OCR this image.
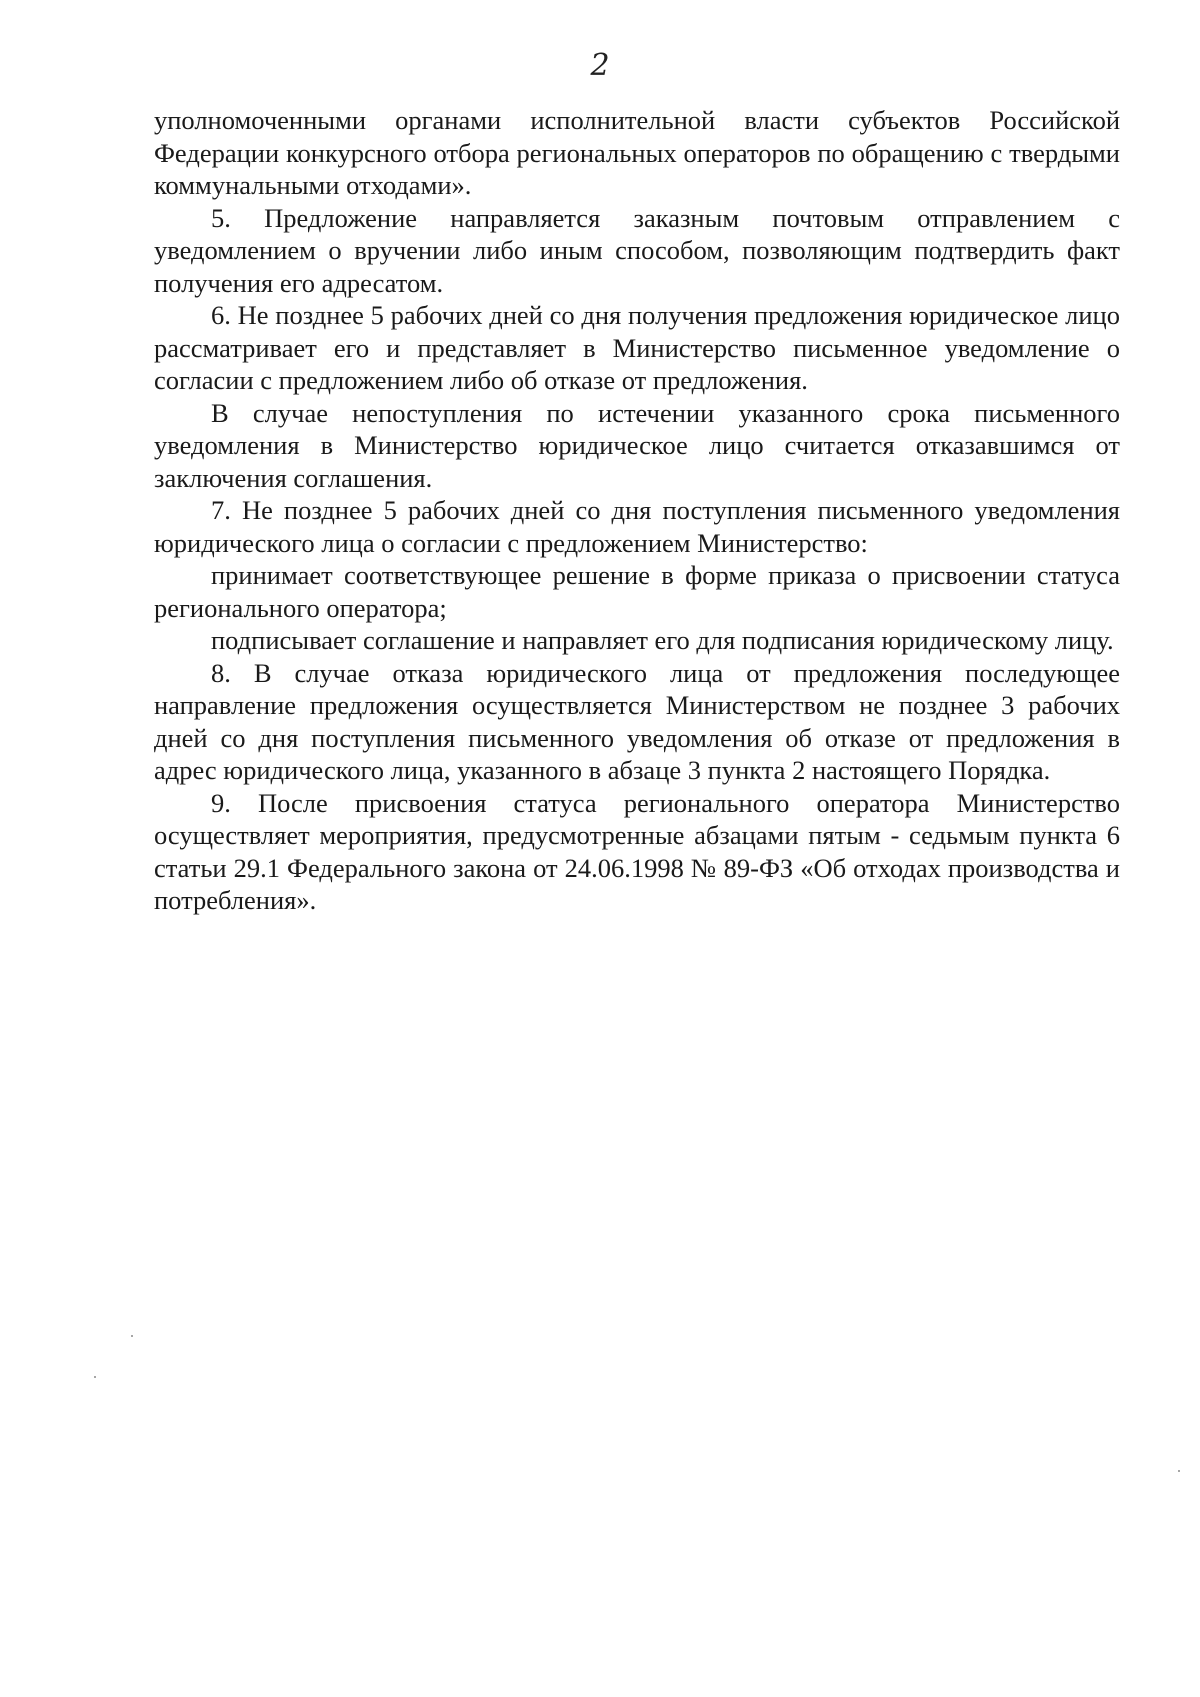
2

уполномоченными органами исполнительной власти субъектов Российской Федерации конкурсного отбора региональных операторов по обращению с твердыми коммунальными отходами».

5. Предложение направляется заказным почтовым отправлением с уведомлением о вручении либо иным способом, позволяющим подтвердить факт получения его адресатом.

6. Не позднее 5 рабочих дней со дня получения предложения юридическое лицо рассматривает его и представляет в Министерство письменное уведомление о согласии с предложением либо об отказе от предложения.

В случае непоступления по истечении указанного срока письменного уведомления в Министерство юридическое лицо считается отказавшимся от заключения соглашения.

7. Не позднее 5 рабочих дней со дня поступления письменного уведомления юридического лица о согласии с предложением Министерство:

принимает соответствующее решение в форме приказа о присвоении статуса регионального оператора;

подписывает соглашение и направляет его для подписания юридическому лицу.

8. В случае отказа юридического лица от предложения последующее направление предложения осуществляется Министерством не позднее 3 рабочих дней со дня поступления письменного уведомления об отказе от предложения в адрес юридического лица, указанного в абзаце 3 пункта 2 настоящего Порядка.

9. После присвоения статуса регионального оператора Министерство осуществляет мероприятия, предусмотренные абзацами пятым - седьмым пункта 6 статьи 29.1 Федерального закона от 24.06.1998 № 89-ФЗ «Об отходах производства и потребления».
